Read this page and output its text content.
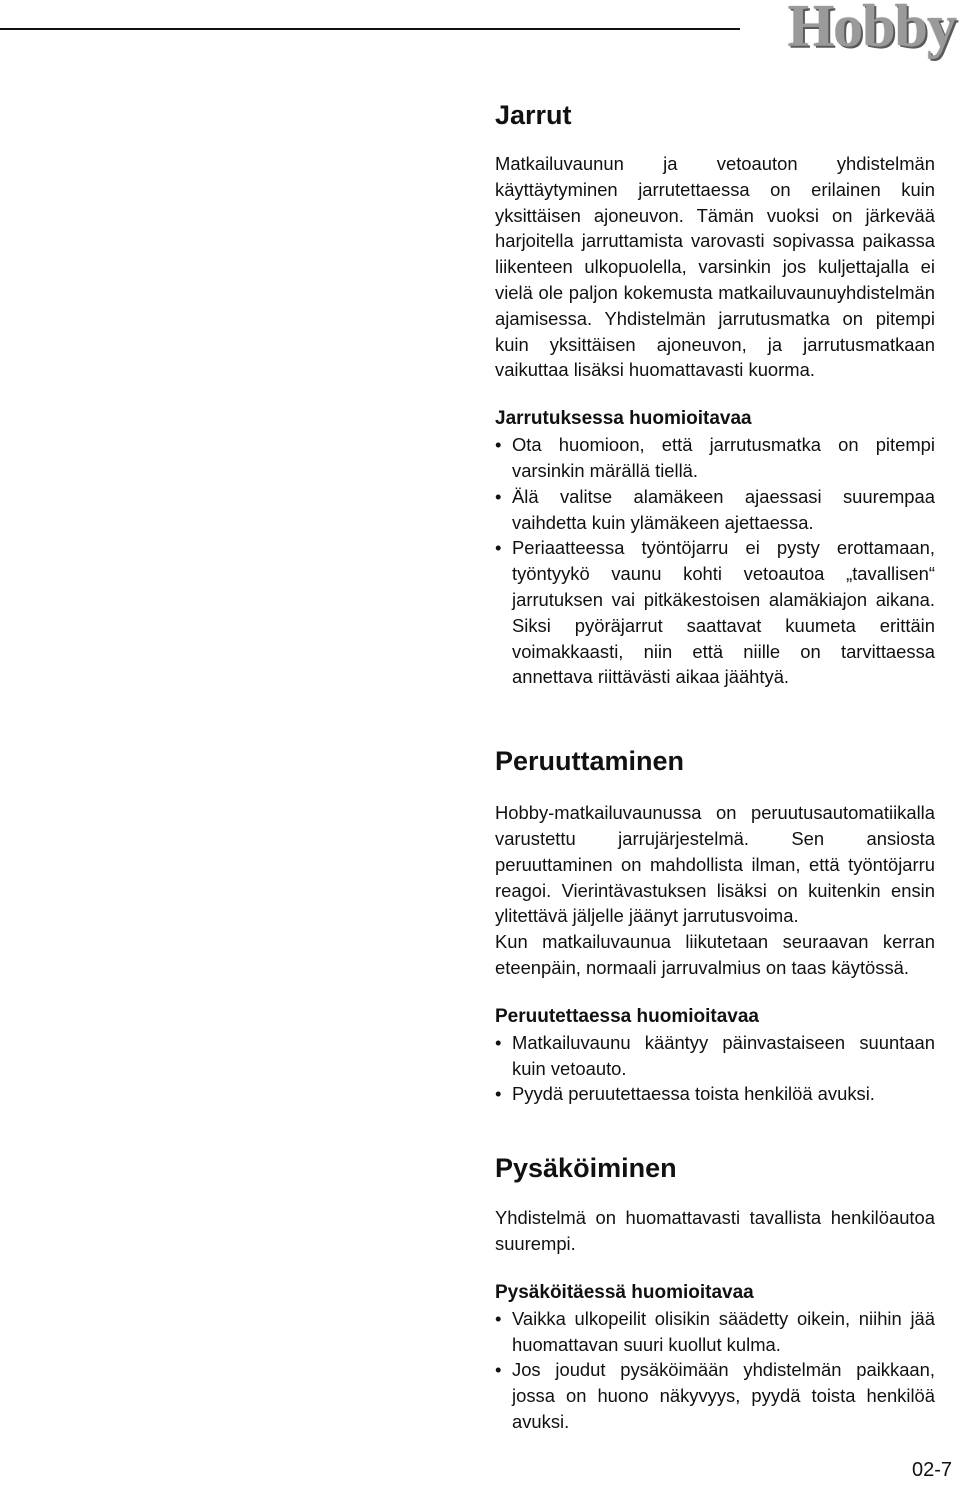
Hobby
Jarrut

Matkailuvaunun ja vetoauton yhdistelmän käyttäytyminen jarrutettaessa on erilainen kuin yksittäisen ajoneuvon. Tämän vuoksi on järkevää harjoitella jarruttamista varovasti sopivassa paikassa liikenteen ulkopuolella, varsinkin jos kuljettajalla ei vielä ole paljon kokemusta matkailuvaunuyhdistelmän ajamisessa. Yhdistelmän jarrutusmatka on pitempi kuin yksittäisen ajoneuvon, ja jarrutusmatkaan vaikuttaa lisäksi huomattavasti kuorma.

Jarrutuksessa huomioitavaa
• Ota huomioon, että jarrutusmatka on pitempi varsinkin märällä tiellä.
• Älä valitse alamäkeen ajaessasi suurempaa vaihdetta kuin ylämäkeen ajettaessa.
• Periaatteessa työntöjarru ei pysty erottamaan, työntyykö vaunu kohti vetoautoa „tavallisen“ jarrutuksen vai pitkäkestoisen alamäkiajon aikana. Siksi pyöräjarrut saattavat kuumeta erittäin voimakkaasti, niin että niille on tarvittaessa annettava riittävästi aikaa jäähtyä.
Peruuttaminen

Hobby-matkailuvaunussa on peruutusautomatiikalla varustettu jarrujärjestelmä. Sen ansiosta peruuttaminen on mahdollista ilman, että työntöjarru reagoi. Vierintävastuksen lisäksi on kuitenkin ensin ylitettävä jäljelle jäänyt jarrutusvoima.

Kun matkailuvaunua liikutetaan seuraavan kerran eteenpäin, normaali jarruvalmius on taas käytössä.

Peruutettaessa huomioitavaa
• Matkailuvaunu kääntyy päinvastaiseen suuntaan kuin vetoauto.
• Pyydä peruutettaessa toista henkilöä avuksi.
Pysäköiminen

Yhdistelmä on huomattavasti tavallista henkilöautoa suurempi.

Pysäköitäessä huomioitavaa
• Vaikka ulkopeilit olisikin säädetty oikein, niihin jää huomattavan suuri kuollut kulma.
• Jos joudut pysäköimään yhdistelmän paikkaan, jossa on huono näkyvyys, pyydä toista henkilöä avuksi.
02-7
